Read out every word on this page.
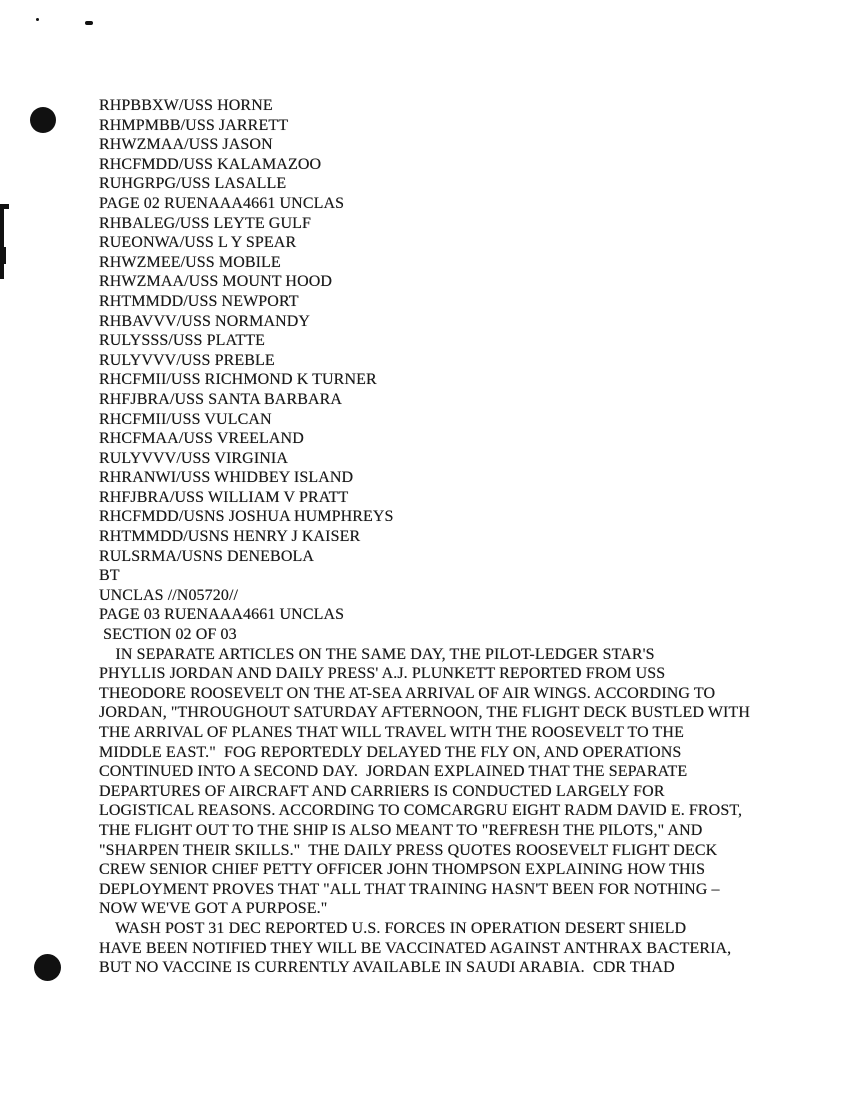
RHPBBXW/USS HORNE
RHMPMBB/USS JARRETT
RHWZMAA/USS JASON
RHCFMDD/USS KALAMAZOO
RUHGRPG/USS LASALLE
PAGE 02 RUENAAA4661 UNCLAS
RHBALEG/USS LEYTE GULF
RUEONWA/USS L Y SPEAR
RHWZMEE/USS MOBILE
RHWZMAA/USS MOUNT HOOD
RHTMMDD/USS NEWPORT
RHBAVVV/USS NORMANDY
RULYSSS/USS PLATTE
RULYVVV/USS PREBLE
RHCFMII/USS RICHMOND K TURNER
RHFJBRA/USS SANTA BARBARA
RHCFMII/USS VULCAN
RHCFMAA/USS VREELAND
RULYVVV/USS VIRGINIA
RHRANWI/USS WHIDBEY ISLAND
RHFJBRA/USS WILLIAM V PRATT
RHCFMDD/USNS JOSHUA HUMPHREYS
RHTMMDD/USNS HENRY J KAISER
RULSRMA/USNS DENEBOLA
BT
UNCLAS //N05720//
PAGE 03 RUENAAA4661 UNCLAS
SECTION 02 OF 03
IN SEPARATE ARTICLES ON THE SAME DAY, THE PILOT-LEDGER STAR'S
PHYLLIS JORDAN AND DAILY PRESS' A.J. PLUNKETT REPORTED FROM USS
THEODORE ROOSEVELT ON THE AT-SEA ARRIVAL OF AIR WINGS. ACCORDING TO
JORDAN, "THROUGHOUT SATURDAY AFTERNOON, THE FLIGHT DECK BUSTLED WITH
THE ARRIVAL OF PLANES THAT WILL TRAVEL WITH THE ROOSEVELT TO THE
MIDDLE EAST."  FOG REPORTEDLY DELAYED THE FLY ON, AND OPERATIONS
CONTINUED INTO A SECOND DAY.  JORDAN EXPLAINED THAT THE SEPARATE
DEPARTURES OF AIRCRAFT AND CARRIERS IS CONDUCTED LARGELY FOR
LOGISTICAL REASONS. ACCORDING TO COMCARGRU EIGHT RADM DAVID E. FROST,
THE FLIGHT OUT TO THE SHIP IS ALSO MEANT TO "REFRESH THE PILOTS," AND
"SHARPEN THEIR SKILLS."  THE DAILY PRESS QUOTES ROOSEVELT FLIGHT DECK
CREW SENIOR CHIEF PETTY OFFICER JOHN THOMPSON EXPLAINING HOW THIS
DEPLOYMENT PROVES THAT "ALL THAT TRAINING HASN'T BEEN FOR NOTHING –
NOW WE'VE GOT A PURPOSE."
WASH POST 31 DEC REPORTED U.S. FORCES IN OPERATION DESERT SHIELD
HAVE BEEN NOTIFIED THEY WILL BE VACCINATED AGAINST ANTHRAX BACTERIA,
BUT NO VACCINE IS CURRENTLY AVAILABLE IN SAUDI ARABIA.  CDR THAD
